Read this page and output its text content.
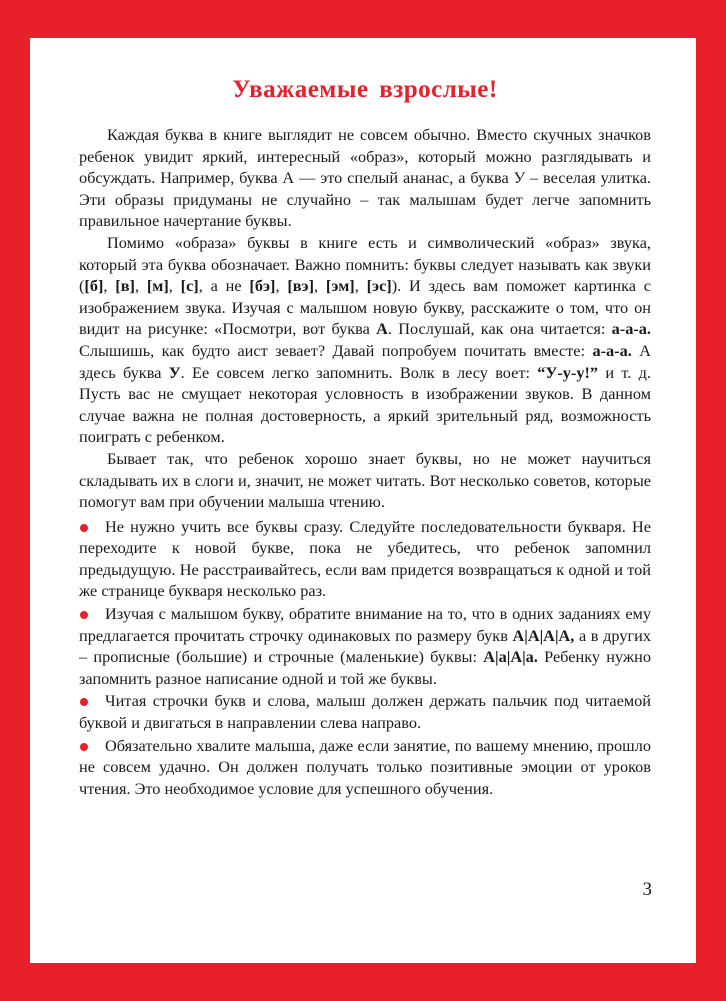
Уважаемые взрослые!

Каждая буква в книге выглядит не совсем обычно. Вместо скучных значков ребенок увидит яркий, интересный «образ», который можно разглядывать и обсуждать. Например, буква А — это спелый ананас, а буква У – веселая улитка. Эти образы придуманы не случайно – так малышам будет легче запомнить правильное начертание буквы.

Помимо «образа» буквы в книге есть и символический «образ» звука, который эта буква обозначает. Важно помнить: буквы следует называть как звуки ([б], [в], [м], [с], а не [бэ], [вэ], [эм], [эс]). И здесь вам поможет картинка с изображением звука. Изучая с малышом новую букву, расскажите о том, что он видит на рисунке: «Посмотри, вот буква А. Послушай, как она читается: а-а-а. Слышишь, как будто аист зевает? Давай попробуем почитать вместе: а-а-а. А здесь буква У. Ее совсем легко запомнить. Волк в лесу воет: “У-у-у!” и т. д. Пусть вас не смущает некоторая условность в изображении звуков. В данном случае важна не полная достоверность, а яркий зрительный ряд, возможность поиграть с ребенком.

Бывает так, что ребенок хорошо знает буквы, но не может научиться складывать их в слоги и, значит, не может читать. Вот несколько советов, которые помогут вам при обучении малыша чтению.

Не нужно учить все буквы сразу. Следуйте последовательности букваря. Не переходите к новой букве, пока не убедитесь, что ребенок запомнил предыдущую. Не расстраивайтесь, если вам придется возвращаться к одной и той же странице букваря несколько раз.
Изучая с малышом букву, обратите внимание на то, что в одних заданиях ему предлагается прочитать строчку одинаковых по размеру букв А|А|А|А, а в других – прописные (большие) и строчные (маленькие) буквы: А|а|А|а. Ребенку нужно запомнить разное написание одной и той же буквы.
Читая строчки букв и слова, малыш должен держать пальчик под читаемой буквой и двигаться в направлении слева направо.
Обязательно хвалите малыша, даже если занятие, по вашему мнению, прошло не совсем удачно. Он должен получать только позитивные эмоции от уроков чтения. Это необходимое условие для успешного обучения.
3
